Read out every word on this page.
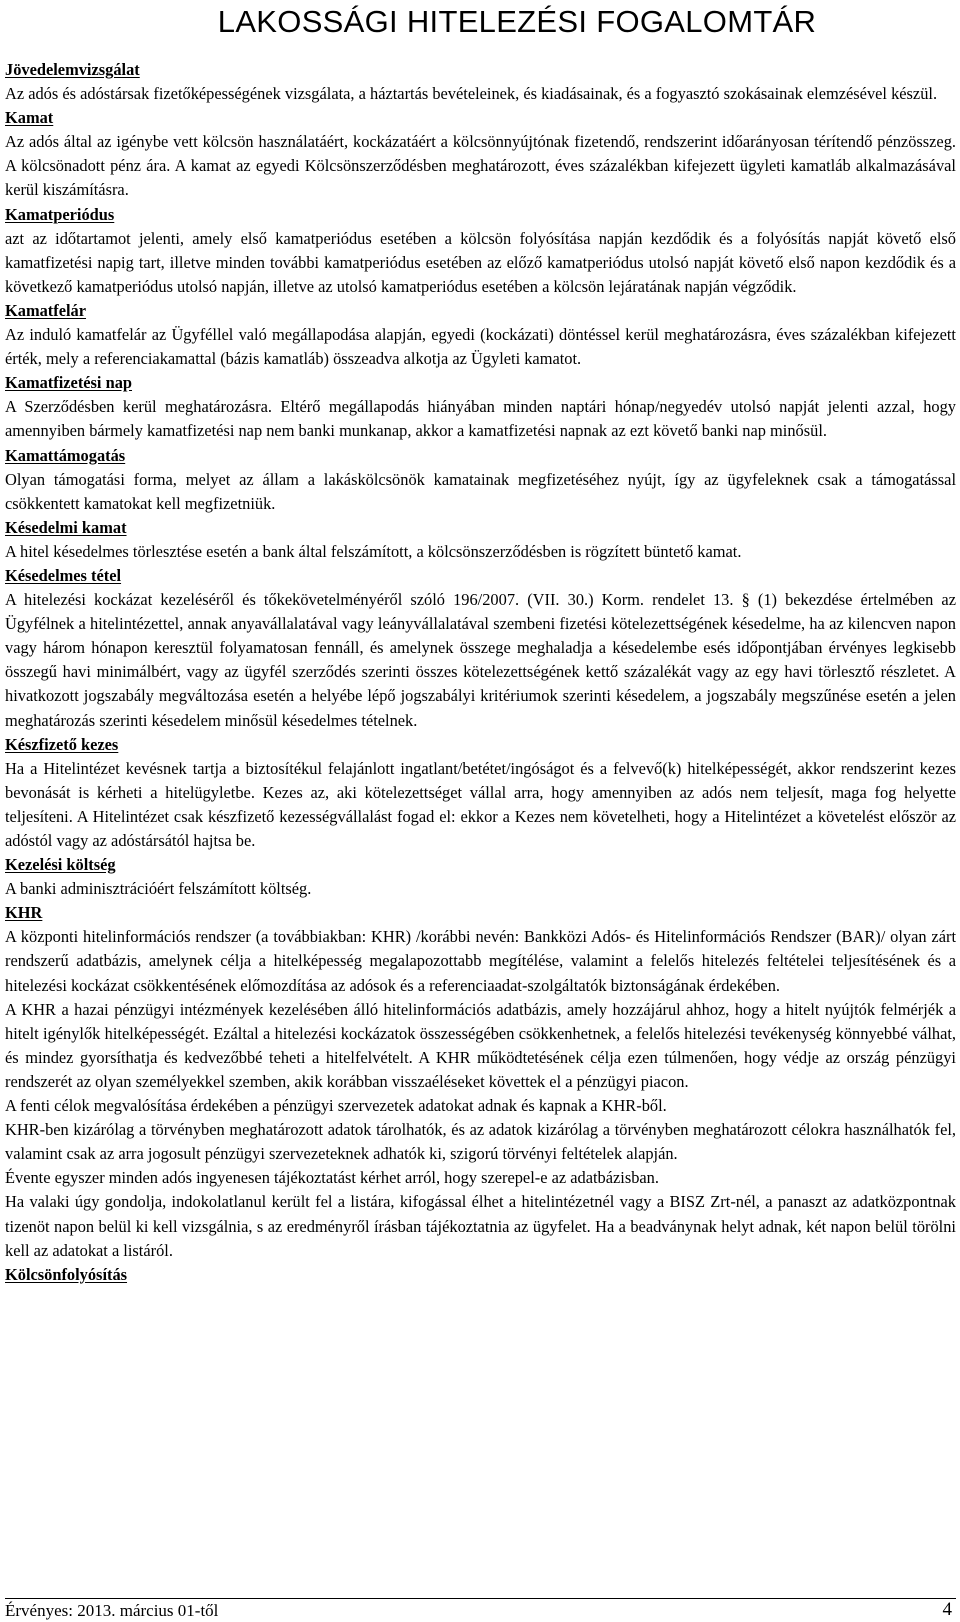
LAKOSSÁGI HITELEZÉSI FOGALOMTÁR
Jövedelemvizsgálat
Az adós és adóstársak fizetőképességének vizsgálata, a háztartás bevételeinek, és kiadásainak, és a fogyasztó szokásainak elemzésével készül.
Kamat
Az adós által az igénybe vett kölcsön használatáért, kockázatáért a kölcsönnyújtónak fizetendő, rendszerint időarányosan térítendő pénzösszeg. A kölcsönadott pénz ára. A kamat az egyedi Kölcsönszerződésben meghatározott, éves százalékban kifejezett ügyleti kamatláb alkalmazásával kerül kiszámításra.
Kamatperiódus
azt az időtartamot jelenti, amely első kamatperiódus esetében a kölcsön folyósítása napján kezdődik és a folyósítás napját követő első kamatfizetési napig tart, illetve minden további kamatperiódus esetében az előző kamatperiódus utolsó napját követő első napon kezdődik és a következő kamatperiódus utolsó napján, illetve az utolsó kamatperiódus esetében a kölcsön lejáratának napján végződik.
Kamatfelár
Az induló kamatfelár az Ügyféllel való megállapodása alapján, egyedi (kockázati) döntéssel kerül meghatározásra, éves százalékban kifejezett érték, mely a referenciakamattal (bázis kamatláb) összeadva alkotja az Ügyleti kamatot.
Kamatfizetési nap
A Szerződésben kerül meghatározásra. Eltérő megállapodás hiányában minden naptári hónap/negyedév utolsó napját jelenti azzal, hogy amennyiben bármely kamatfizetési nap nem banki munkanap, akkor a kamatfizetési napnak az ezt követő banki nap minősül.
Kamattámogatás
Olyan támogatási forma, melyet az állam a lakáskölcsönök kamatainak megfizetéséhez nyújt, így az ügyfeleknek csak a támogatással csökkentett kamatokat kell megfizetniük.
Késedelmi kamat
A hitel késedelmes törlesztése esetén a bank által felszámított, a kölcsönszerződésben is rögzített büntető kamat.
Késedelmes tétel
A hitelezési kockázat kezeléséről és tőkekövetelményéről szóló 196/2007. (VII. 30.) Korm. rendelet 13. § (1) bekezdése értelmében az Ügyfélnek a hitelintézettel, annak anyavállalatával vagy leányvállalatával szembeni fizetési kötelezettségének késedelme, ha az kilencven napon vagy három hónapon keresztül folyamatosan fennáll, és amelynek összege meghaladja a késedelembe esés időpontjában érvényes legkisebb összegű havi minimálbért, vagy az ügyfél szerződés szerinti összes kötelezettségének kettő százalékát vagy az egy havi törlesztő részletet. A hivatkozott jogszabály megváltozása esetén a helyébe lépő jogszabályi kritériumok szerinti késedelem, a jogszabály megszűnése esetén a jelen meghatározás szerinti késedelem minősül késedelmes tételnek.
Készfizető kezes
Ha a Hitelintézet kevésnek tartja a biztosítékul felajánlott ingatlant/betétet/ingóságot és a felvevő(k) hitelképességét, akkor rendszerint kezes bevonását is kérheti a hitelügyletbe. Kezes az, aki kötelezettséget vállal arra, hogy amennyiben az adós nem teljesít, maga fog helyette teljesíteni. A Hitelintézet csak készfizető kezességvállalást fogad el: ekkor a Kezes nem követelheti, hogy a Hitelintézet a követelést először az adóstól vagy az adóstársától hajtsa be.
Kezelési költség
A banki adminisztrációért felszámított költség.
KHR
A központi hitelinformációs rendszer (a továbbiakban: KHR) /korábbi nevén: Bankközi Adós- és Hitelinformációs Rendszer (BAR)/ olyan zárt rendszerű adatbázis, amelynek célja a hitelképesség megalapozottabb megítélése, valamint a felelős hitelezés feltételei teljesítésének és a hitelezési kockázat csökkentésének előmozdítása az adósok és a referenciaadat-szolgáltatók biztonságának érdekében.
A KHR a hazai pénzügyi intézmények kezelésében álló hitelinformációs adatbázis, amely hozzájárul ahhoz, hogy a hitelt nyújtók felmérjék a hitelt igénylők hitelképességét. Ezáltal a hitelezési kockázatok összességében csökkenhetnek, a felelős hitelezési tevékenység könnyebbé válhat, és mindez gyorsíthatja és kedvezőbbé teheti a hitelfelvételt. A KHR működtetésének célja ezen túlmenően, hogy védje az ország pénzügyi rendszerét az olyan személyekkel szemben, akik korábban visszaéléseket követtek el a pénzügyi piacon.
A fenti célok megvalósítása érdekében a pénzügyi szervezetek adatokat adnak és kapnak a KHR-ből.
KHR-ben kizárólag a törvényben meghatározott adatok tárolhatók, és az adatok kizárólag a törvényben meghatározott célokra használhatók fel, valamint csak az arra jogosult pénzügyi szervezeteknek adhatók ki, szigorú törvényi feltételek alapján.
Évente egyszer minden adós ingyenesen tájékoztatást kérhet arról, hogy szerepel-e az adatbázisban.
Ha valaki úgy gondolja, indokolatlanul került fel a listára, kifogással élhet a hitelintézetnél vagy a BISZ Zrt-nél, a panaszt az adatközpontnak tizenöt napon belül ki kell vizsgálnia, s az eredményről írásban tájékoztatnia az ügyfelet. Ha a beadványnak helyt adnak, két napon belül törölni kell az adatokat a listáról.
Kölcsönfolyósítás
Érvényes: 2013. március 01-től	4
